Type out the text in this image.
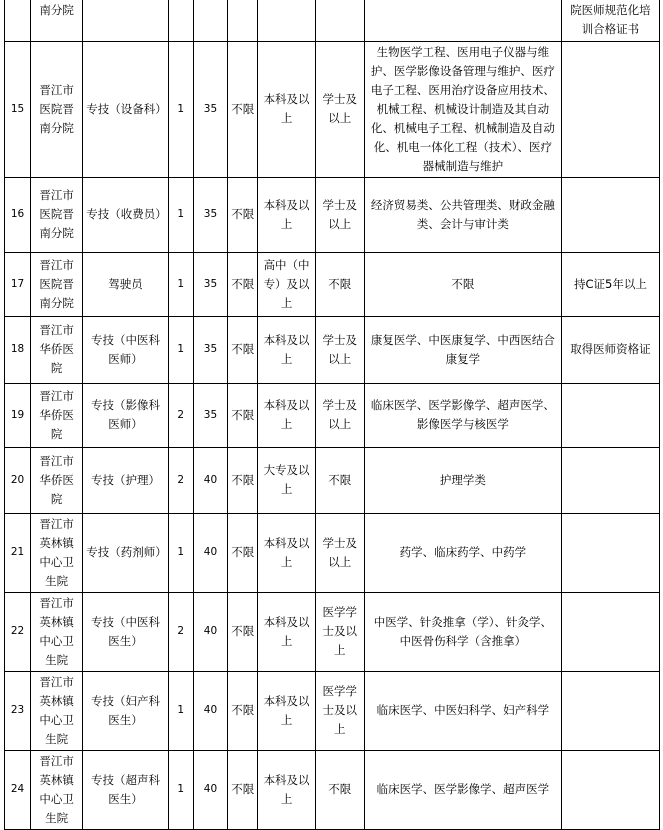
	南分院								院医师规范化培训合格证书
15	晋江市医院晋南分院	专技（设备科）	1	35	不限	本科及以上	学士及以上	生物医学工程、医用电子仪器与维护、医学影像设备管理与维护、医疗电子工程、医用治疗设备应用技术、机械工程、机械设计制造及其自动化、机械电子工程、机械制造及自动化、机电一体化工程（技术）、医疗器械制造与维护	
16	晋江市医院晋南分院	专技（收费员）	1	35	不限	本科及以上	学士及以上	经济贸易类、公共管理类、财政金融类、会计与审计类	
17	晋江市医院晋南分院	驾驶员	1	35	不限	高中（中专）及以上	不限	不限	持C证5年以上
18	晋江市华侨医院	专技（中医科医师）	1	35	不限	本科及以上	学士及以上	康复医学、中医康复学、中西医结合康复学	取得医师资格证
19	晋江市华侨医院	专技（影像科医师）	2	35	不限	本科及以上	学士及以上	临床医学、医学影像学、超声医学、影像医学与核医学	
20	晋江市华侨医院	专技（护理）	2	40	不限	大专及以上	不限	护理学类	
21	晋江市英林镇中心卫生院	专技（药剂师）	1	40	不限	本科及以上	学士及以上	药学、临床药学、中药学	
22	晋江市英林镇中心卫生院	专技（中医科医生）	2	40	不限	本科及以上	医学学士及以上	中医学、针灸推拿（学）、针灸学、中医骨伤科学（含推拿）	
23	晋江市英林镇中心卫生院	专技（妇产科医生）	1	40	不限	本科及以上	医学学士及以上	临床医学、中医妇科学、妇产科学	
24	晋江市英林镇中心卫生院	专技（超声科医生）	1	40	不限	本科及以上	不限	临床医学、医学影像学、超声医学	
